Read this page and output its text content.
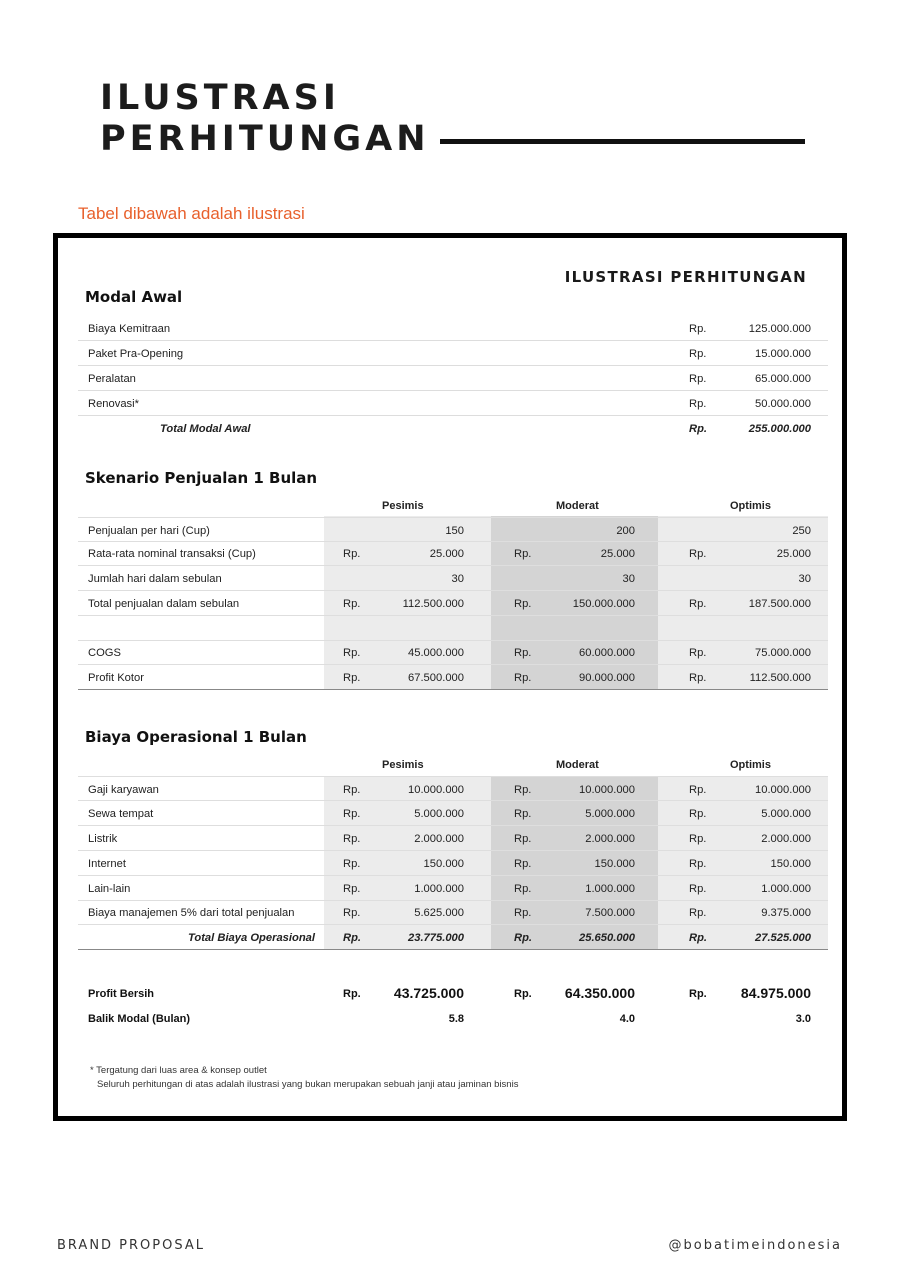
ILUSTRASI
PERHITUNGAN
Tabel dibawah adalah ilustrasi
ILUSTRASI PERHITUNGAN
Modal Awal
Biaya Kemitraan	Rp.	125.000.000
Paket Pra-Opening	Rp.	15.000.000
Peralatan	Rp.	65.000.000
Renovasi*	Rp.	50.000.000
Total Modal Awal	Rp.	255.000.000
Skenario Penjualan 1 Bulan
Pesimis	Moderat	Optimis
Penjualan per hari (Cup)	150	200	250
Rata-rata nominal transaksi (Cup)	Rp.	25.000	Rp.	25.000	Rp.	25.000
Jumlah hari dalam sebulan	30	30	30
Total penjualan dalam sebulan	Rp.	112.500.000	Rp.	150.000.000	Rp.	187.500.000
COGS	Rp.	45.000.000	Rp.	60.000.000	Rp.	75.000.000
Profit Kotor	Rp.	67.500.000	Rp.	90.000.000	Rp.	112.500.000
Biaya Operasional 1 Bulan
Pesimis	Moderat	Optimis
Gaji karyawan	Rp.	10.000.000	Rp.	10.000.000	Rp.	10.000.000
Sewa tempat	Rp.	5.000.000	Rp.	5.000.000	Rp.	5.000.000
Listrik	Rp.	2.000.000	Rp.	2.000.000	Rp.	2.000.000
Internet	Rp.	150.000	Rp.	150.000	Rp.	150.000
Lain-lain	Rp.	1.000.000	Rp.	1.000.000	Rp.	1.000.000
Biaya manajemen 5% dari total penjualan	Rp.	5.625.000	Rp.	7.500.000	Rp.	9.375.000
Total Biaya Operasional	Rp.	23.775.000	Rp.	25.650.000	Rp.	27.525.000
Profit Bersih	Rp. 43.725.000	Rp. 64.350.000	Rp. 84.975.000
Balik Modal (Bulan)	5.8	4.0	3.0
* Tergatung dari luas area & konsep outlet
Seluruh perhitungan di atas adalah ilustrasi yang bukan merupakan sebuah janji atau jaminan bisnis
BRAND PROPOSAL	@bobatimeindonesia
